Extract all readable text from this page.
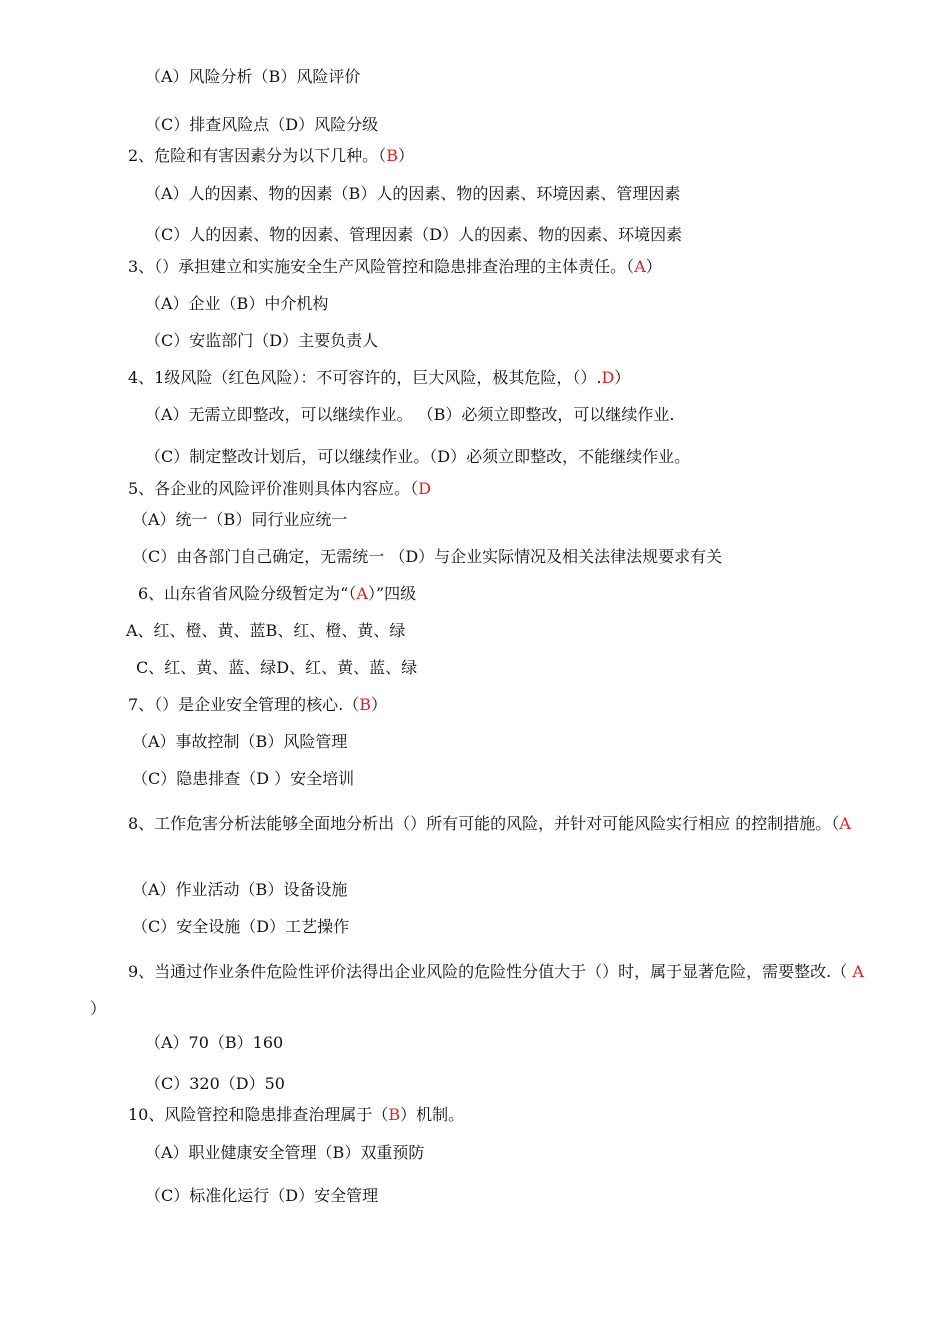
（A）风险分析（B）风险评价
（C）排查风险点（D）风险分级
2、危险和有害因素分为以下几种。（B）
（A）人的因素、物的因素（B）人的因素、物的因素、环境因素、管理因素
（C）人的因素、物的因素、管理因素（D）人的因素、物的因素、环境因素
3、（）承担建立和实施安全生产风险管控和隐患排查治理的主体责任。（A）
（A）企业（B）中介机构
（C）安监部门（D）主要负责人
4、1级风险（红色风险）：不可容许的，巨大风险，极其危险，（）.D）
（A）无需立即整改，可以继续作业。 （B）必须立即整改，可以继续作业.
（C）制定整改计划后，可以继续作业。（D）必须立即整改，不能继续作业。
5、各企业的风险评价准则具体内容应。（D
（A）统一（B）同行业应统一
（C）由各部门自己确定，无需统一 （D）与企业实际情况及相关法律法规要求有关
6、山东省省风险分级暂定为“（A）”四级
A、红、橙、黄、蓝B、红、橙、黄、绿
C、红、黄、蓝、绿D、红、黄、蓝、绿
7、（）是企业安全管理的核心.（B）
（A）事故控制（B）风险管理
（C）隐患排查（D ）安全培训
8、工作危害分析法能够全面地分析出（）所有可能的风险，并针对可能风险实行相应 的控制措施。（A
（A）作业活动（B）设备设施
（C）安全设施（D）工艺操作
9、当通过作业条件危险性评价法得出企业风险的危险性分值大于（）时，属于显著危险，需要整改.（ A ）
（A）70（B）160
（C）320（D）50
10、风险管控和隐患排查治理属于（B）机制。
（A）职业健康安全管理（B）双重预防
（C）标准化运行（D）安全管理
